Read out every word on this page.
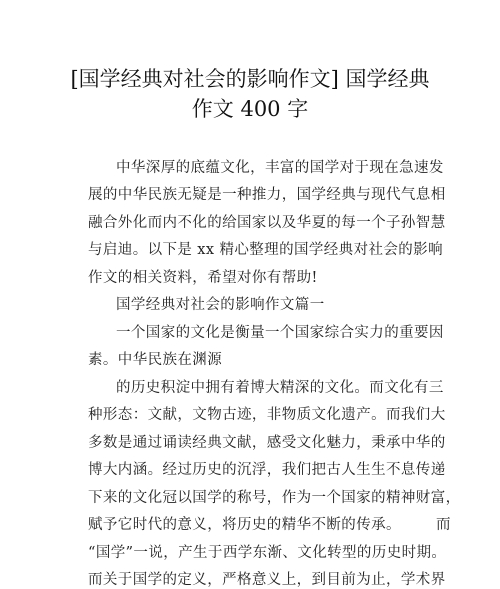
[国学经典对社会的影响作文] 国学经典
作文 400 字
中华深厚的底蕴文化，丰富的国学对于现在急速发
展的中华民族无疑是一种推力，国学经典与现代气息相
融合外化而内不化的给国家以及华夏的每一个子孙智慧
与启迪。以下是 xx 精心整理的国学经典对社会的影响
作文的相关资料，希望对你有帮助!
国学经典对社会的影响作文篇一
一个国家的文化是衡量一个国家综合实力的重要因
素。中华民族在渊源
的历史积淀中拥有着博大精深的文化。而文化有三
种形态：文献，文物古迹，非物质文化遗产。而我们大
多数是通过诵读经典文献，感受文化魅力，秉承中华的
博大内涵。经过历史的沉浮，我们把古人生生不息传递
下来的文化冠以国学的称号，作为一个国家的精神财富，
赋予它时代的意义，将历史的精华不断的传承。       而
“国学”一说，产生于西学东渐、文化转型的历史时期。
而关于国学的定义，严格意义上，到目前为止，学术界
